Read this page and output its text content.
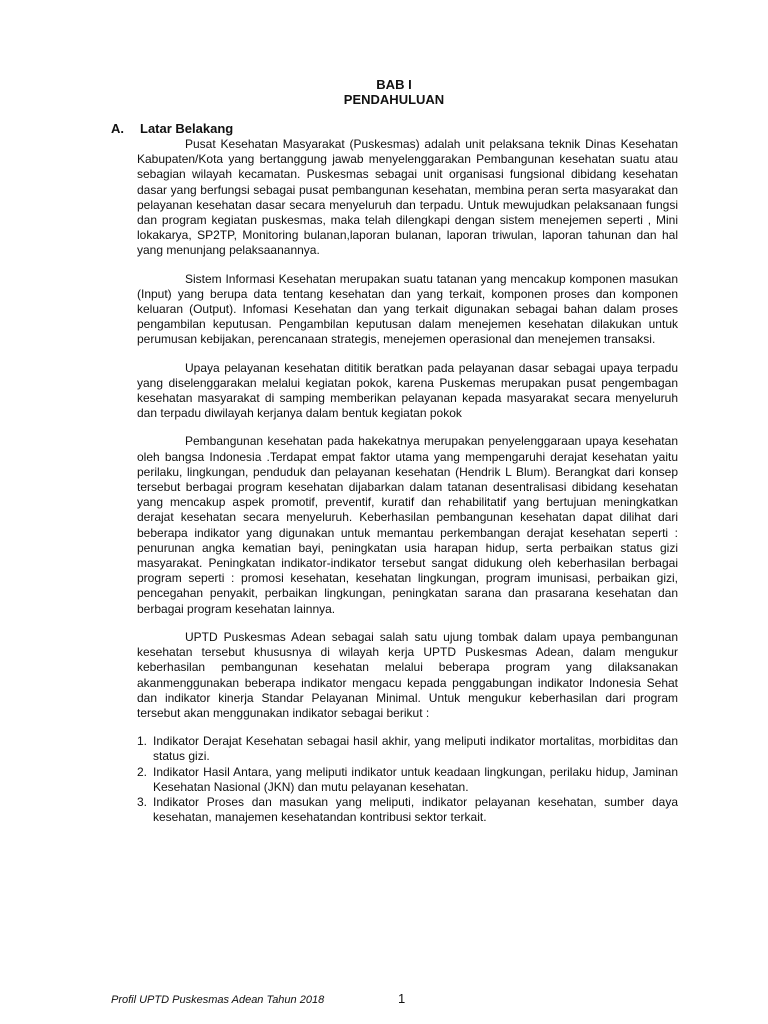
BAB I
PENDAHULUAN
A. Latar Belakang

Pusat Kesehatan Masyarakat (Puskesmas) adalah unit pelaksana teknik Dinas Kesehatan Kabupaten/Kota yang bertanggung jawab menyelenggarakan Pembangunan kesehatan suatu atau sebagian wilayah kecamatan. Puskesmas sebagai unit organisasi fungsional dibidang kesehatan dasar yang berfungsi sebagai pusat pembangunan kesehatan, membina peran serta masyarakat dan pelayanan kesehatan dasar secara menyeluruh dan terpadu. Untuk mewujudkan pelaksanaan fungsi dan program kegiatan puskesmas, maka telah dilengkapi dengan sistem menejemen seperti , Mini lokakarya, SP2TP, Monitoring bulanan,laporan bulanan, laporan triwulan, laporan tahunan dan hal yang menunjang pelaksaanannya.

Sistem Informasi Kesehatan merupakan suatu tatanan yang mencakup komponen masukan (Input) yang berupa data tentang kesehatan dan yang terkait, komponen proses dan komponen keluaran (Output). Infomasi Kesehatan dan yang terkait digunakan sebagai bahan dalam proses pengambilan keputusan. Pengambilan keputusan dalam menejemen kesehatan dilakukan untuk perumusan kebijakan, perencanaan strategis, menejemen operasional dan menejemen transaksi.

Upaya pelayanan kesehatan dititik beratkan pada pelayanan dasar sebagai upaya terpadu yang diselenggarakan melalui kegiatan pokok, karena Puskemas merupakan pusat pengembagan kesehatan masyarakat di samping memberikan pelayanan kepada masyarakat secara menyeluruh dan terpadu diwilayah kerjanya dalam bentuk kegiatan pokok

Pembangunan kesehatan pada hakekatnya merupakan penyelenggaraan upaya kesehatan oleh bangsa Indonesia .Terdapat empat faktor utama yang mempengaruhi derajat kesehatan yaitu perilaku, lingkungan, penduduk dan pelayanan kesehatan (Hendrik L Blum). Berangkat dari konsep tersebut berbagai program kesehatan dijabarkan dalam tatanan desentralisasi dibidang kesehatan yang mencakup aspek promotif, preventif, kuratif dan rehabilitatif yang bertujuan meningkatkan derajat kesehatan secara menyeluruh. Keberhasilan pembangunan kesehatan dapat dilihat dari beberapa indikator yang digunakan untuk memantau perkembangan derajat kesehatan seperti : penurunan angka kematian bayi, peningkatan usia harapan hidup, serta perbaikan status gizi masyarakat. Peningkatan indikator-indikator tersebut sangat didukung oleh keberhasilan berbagai program seperti : promosi kesehatan, kesehatan lingkungan, program imunisasi, perbaikan gizi, pencegahan penyakit, perbaikan lingkungan, peningkatan sarana dan prasarana kesehatan dan berbagai program kesehatan lainnya.

UPTD Puskesmas Adean sebagai salah satu ujung tombak dalam upaya pembangunan kesehatan tersebut khususnya di wilayah kerja UPTD Puskesmas Adean, dalam mengukur keberhasilan pembangunan kesehatan melalui beberapa program yang dilaksanakan akanmenggunakan beberapa indikator mengacu kepada penggabungan indikator Indonesia Sehat dan indikator kinerja Standar Pelayanan Minimal. Untuk mengukur keberhasilan dari program tersebut akan menggunakan indikator sebagai berikut :

1. Indikator Derajat Kesehatan sebagai hasil akhir, yang meliputi indikator mortalitas, morbiditas dan status gizi.
2. Indikator Hasil Antara, yang meliputi indikator untuk keadaan lingkungan, perilaku hidup, Jaminan Kesehatan Nasional (JKN) dan mutu pelayanan kesehatan.
3. Indikator Proses dan masukan yang meliputi, indikator pelayanan kesehatan, sumber daya kesehatan, manajemen kesehatandan kontribusi sektor terkait.
Profil UPTD Puskesmas Adean Tahun 2018	1
